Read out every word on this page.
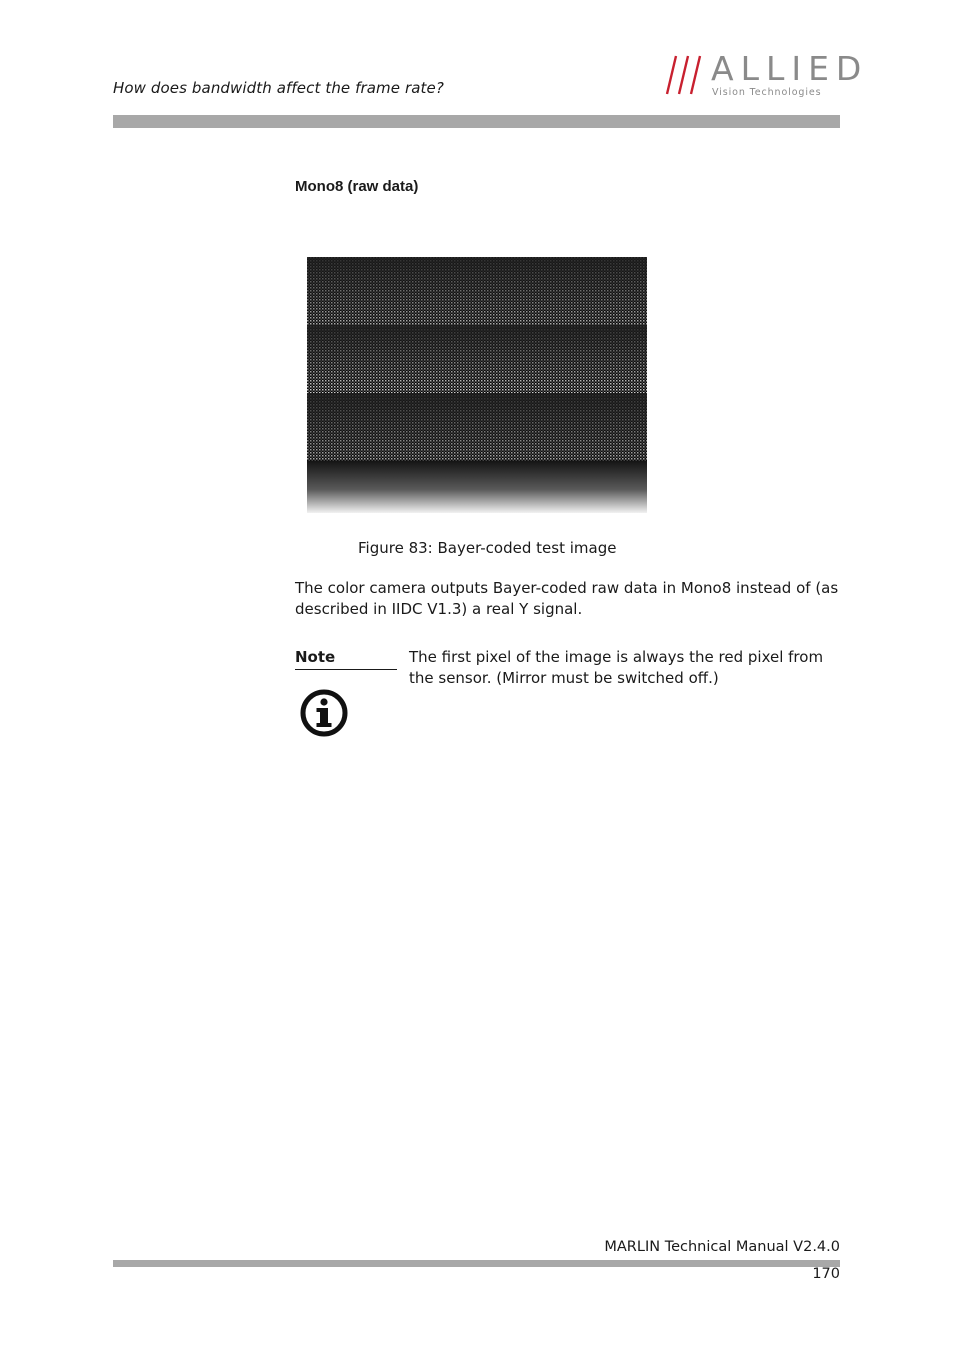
How does bandwidth affect the frame rate?	ALLIED
Vision Technologies
Mono8 (raw data)
Figure 83: Bayer-coded test image

The color camera outputs Bayer-coded raw data in Mono8 instead of (as described in IIDC V1.3) a real Y signal.

Note	The first pixel of the image is always the red pixel from the sensor. (Mirror must be switched off.)

MARLIN Technical Manual V2.4.0
170
